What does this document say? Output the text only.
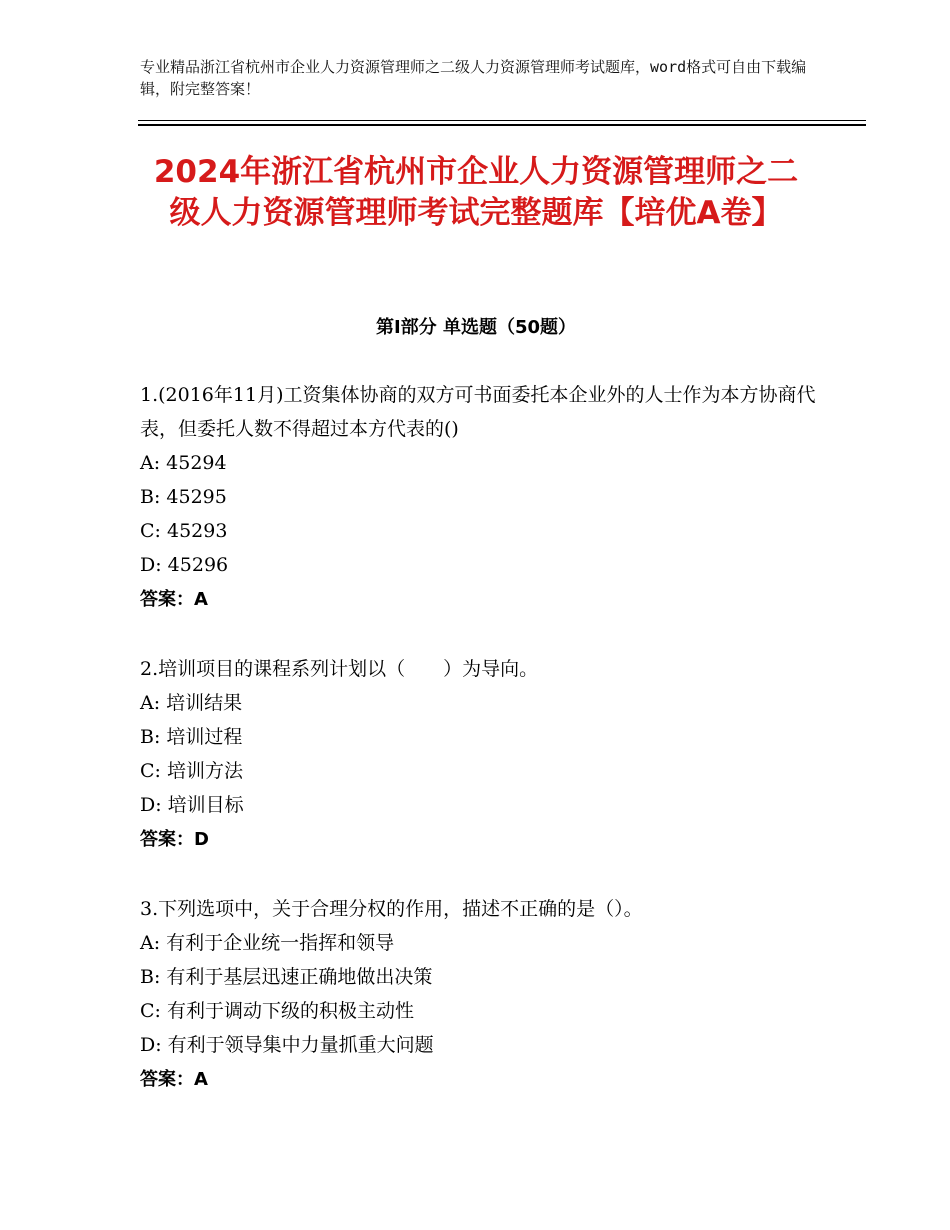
专业精品浙江省杭州市企业人力资源管理师之二级人力资源管理师考试题库，word格式可自由下载编辑，附完整答案！
2024年浙江省杭州市企业人力资源管理师之二级人力资源管理师考试完整题库【培优A卷】
第Ⅰ部分 单选题（50题）
1.(2016年11月)工资集体协商的双方可书面委托本企业外的人士作为本方协商代表，但委托人数不得超过本方代表的()
A: 45294
B: 45295
C: 45293
D: 45296
答案：A
2.培训项目的课程系列计划以（　　）为导向。
A: 培训结果
B: 培训过程
C: 培训方法
D: 培训目标
答案：D
3.下列选项中，关于合理分权的作用，描述不正确的是（）。
A: 有利于企业统一指挥和领导
B: 有利于基层迅速正确地做出决策
C: 有利于调动下级的积极主动性
D: 有利于领导集中力量抓重大问题
答案：A
